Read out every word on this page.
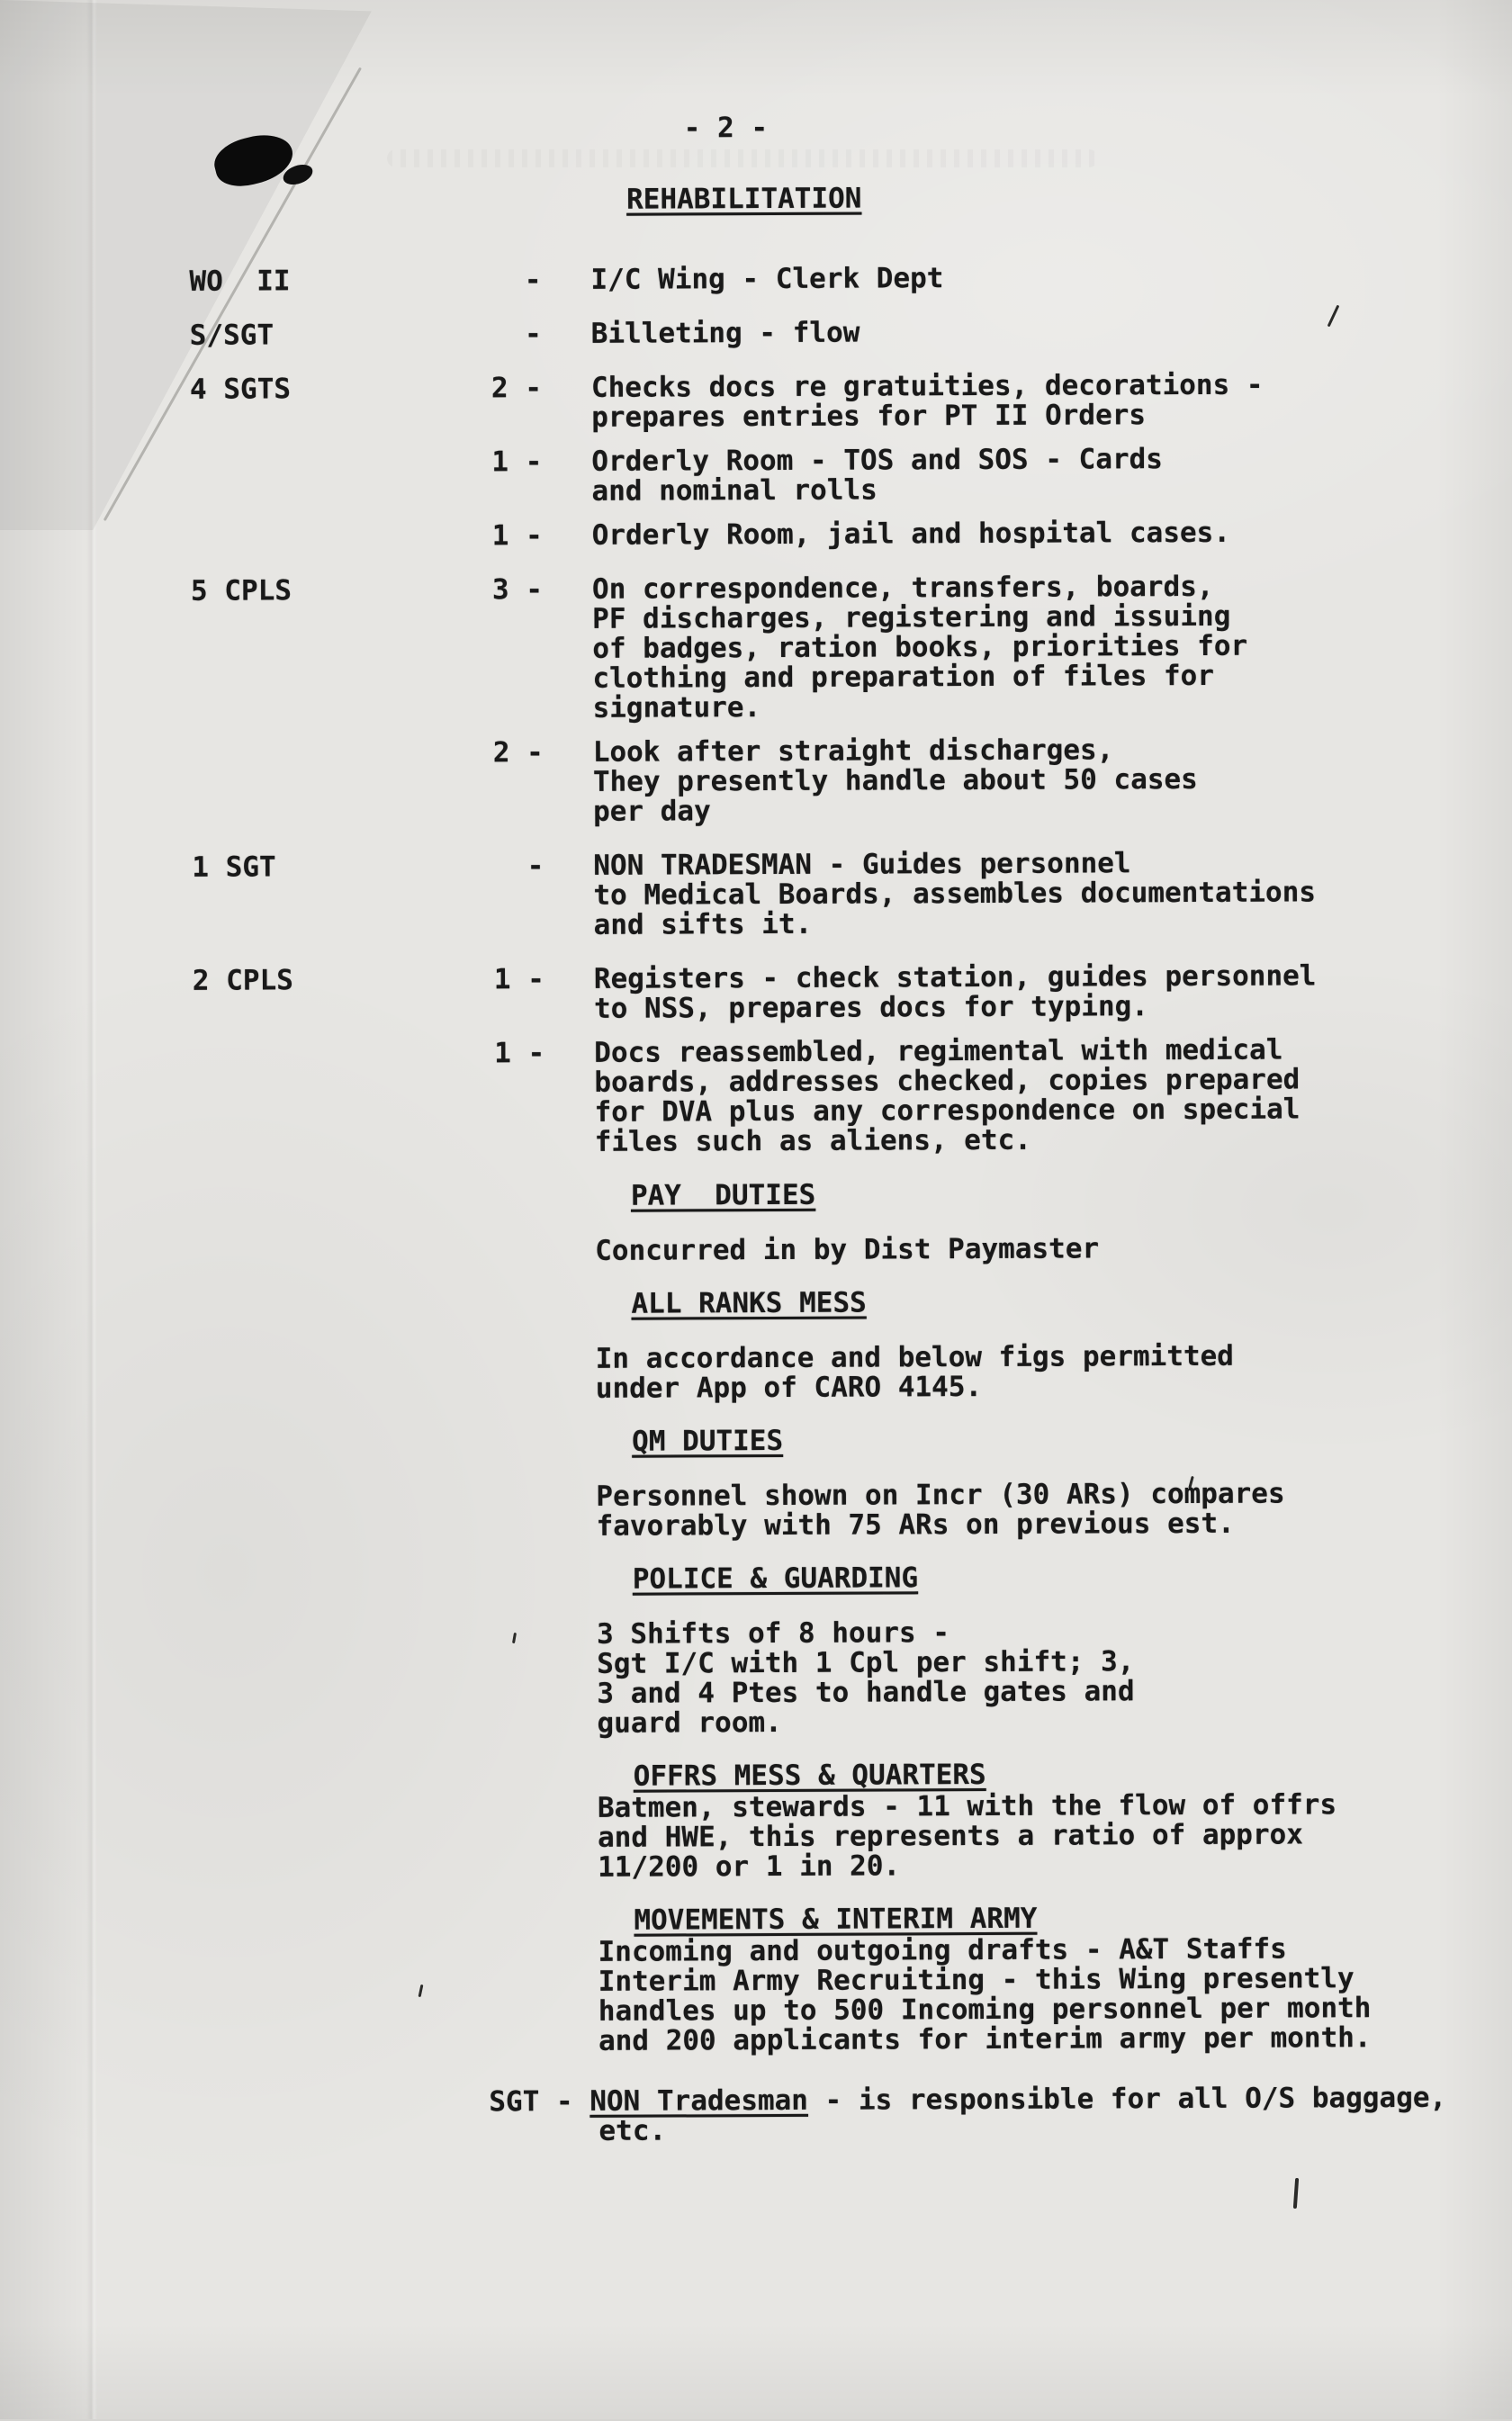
- 2 -
REHABILITATION
WO  II	-	I/C Wing - Clerk Dept
S/SGT	-	Billeting - flow
4 SGTS	2 -	Checks docs re gratuities, decorations -
prepares entries for PT II Orders
1 -	Orderly Room - TOS and SOS - Cards
and nominal rolls
1 -	Orderly Room, jail and hospital cases.
5 CPLS	3 -	On correspondence, transfers, boards,
PF discharges, registering and issuing
of badges, ration books, priorities for
clothing and preparation of files for
signature.
2 -	Look after straight discharges,
They presently handle about 50 cases
per day
1 SGT	-	NON TRADESMAN - Guides personnel
to Medical Boards, assembles documentations
and sifts it.
2 CPLS	1 -	Registers - check station, guides personnel
to NSS, prepares docs for typing.
1 -	Docs reassembled, regimental with medical
boards, addresses checked, copies prepared
for DVA plus any correspondence on special
files such as aliens, etc.
PAY  DUTIES
Concurred in by Dist Paymaster
ALL RANKS MESS
In accordance and below figs permitted
under App of CARO 4145.
QM DUTIES
Personnel shown on Incr (30 ARs) compares
favorably with 75 ARs on previous est.
POLICE & GUARDING
3 Shifts of 8 hours -
Sgt I/C with 1 Cpl per shift; 3,
3 and 4 Ptes to handle gates and
guard room.
OFFRS MESS & QUARTERS
Batmen, stewards - 11 with the flow of offrs
and HWE, this represents a ratio of approx
11/200 or 1 in 20.
MOVEMENTS & INTERIM ARMY
Incoming and outgoing drafts - A&T Staffs
Interim Army Recruiting - this Wing presently
handles up to 500 Incoming personnel per month
and 200 applicants for interim army per month.
SGT - NON Tradesman - is responsible for all O/S baggage,
etc.
